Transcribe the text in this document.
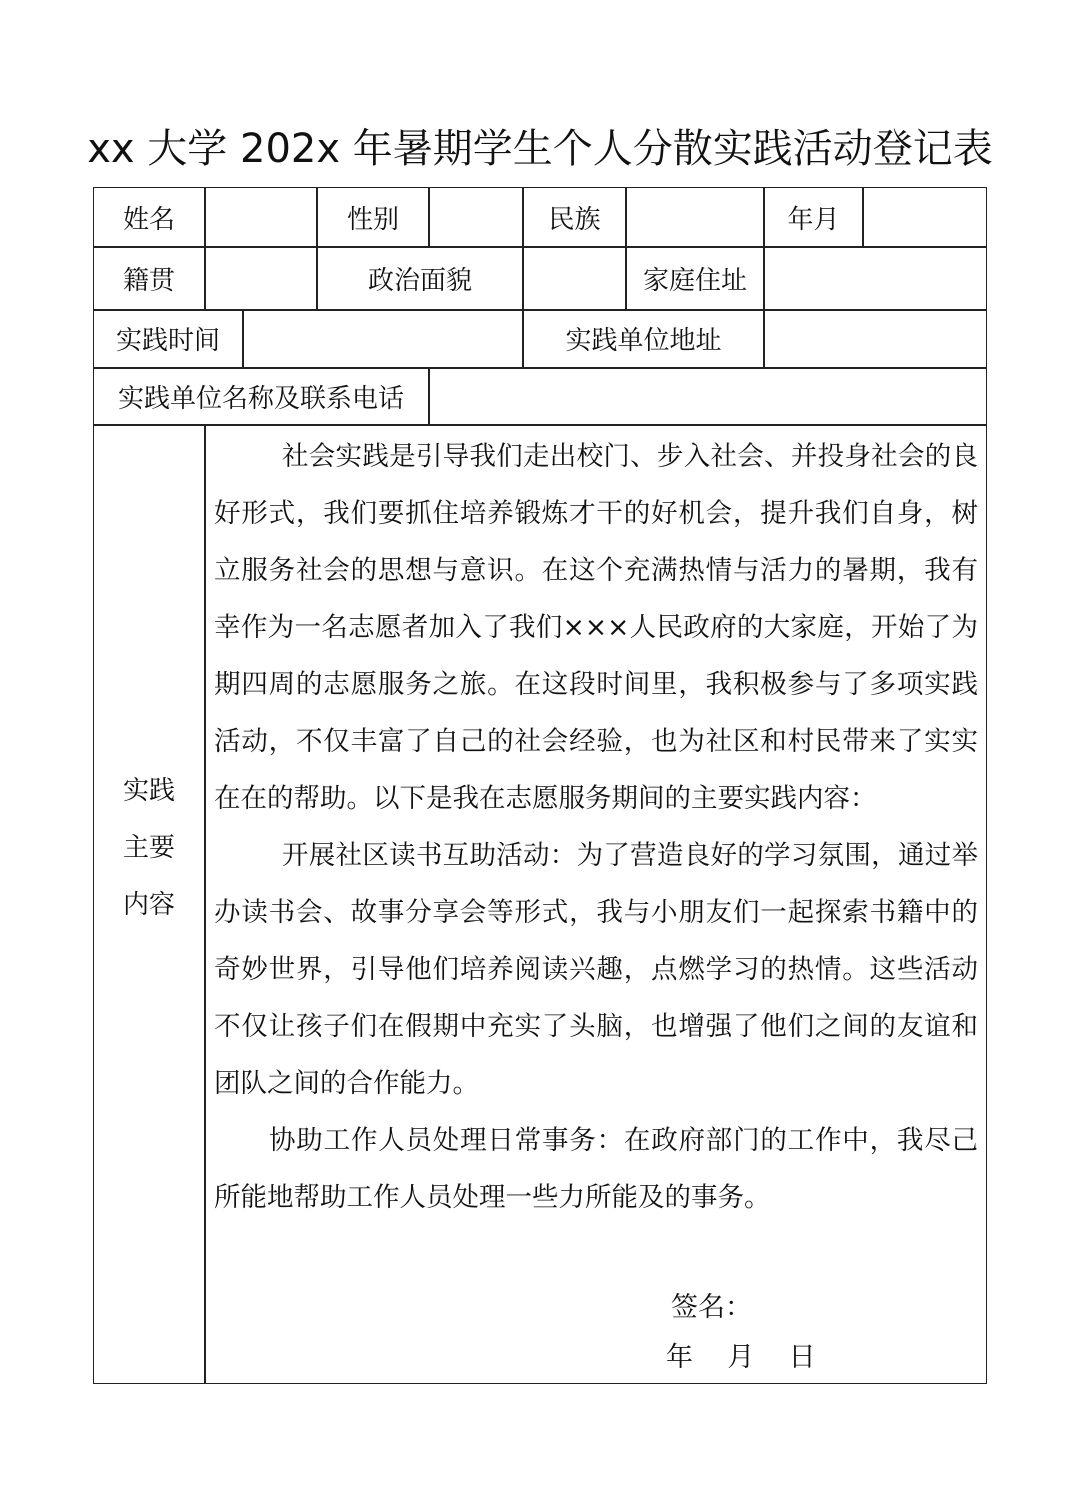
xx 大学 202x 年暑期学生个人分散实践活动登记表
姓名	性别	民族	年月
籍贯	政治面貌	家庭住址
实践时间	实践单位地址
实践单位名称及联系电话
实践
主要
内容

社会实践是引导我们走出校门、步入社会、并投身社会的良好形式，我们要抓住培养锻炼才干的好机会，提升我们自身，树立服务社会的思想与意识。在这个充满热情与活力的暑期，我有幸作为一名志愿者加入了我们×××人民政府的大家庭，开始了为期四周的志愿服务之旅。在这段时间里，我积极参与了多项实践活动，不仅丰富了自己的社会经验，也为社区和村民带来了实实在在的帮助。以下是我在志愿服务期间的主要实践内容：

开展社区读书互助活动：为了营造良好的学习氛围，通过举办读书会、故事分享会等形式，我与小朋友们一起探索书籍中的奇妙世界，引导他们培养阅读兴趣，点燃学习的热情。这些活动不仅让孩子们在假期中充实了头脑，也增强了他们之间的友谊和团队之间的合作能力。

协助工作人员处理日常事务：在政府部门的工作中，我尽己所能地帮助工作人员处理一些力所能及的事务。

签名：
年    月    日
